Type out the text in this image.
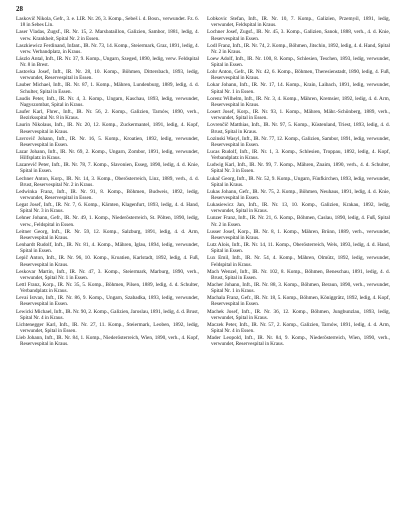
28

Laskovič Nikola, Gefr., 3. e. LIR. Nr. 26, 3. Komp., Sebeš i. d. Bosn., verwundet. Fz. 6. 18 in Sebes Lin.

Laser Vladas, Zugsf., IR. Nr. 15, 2. Marsbataillon, Galizien, Sambor, 1881, ledig, 4. verw. Krankheit, Spital Nr. 2 in Essen.

Laszkiewicz Ferdinand, Infant., IR. Nr. 73, 14. Komp., Steiermark, Graz, 1891, ledig, 4. verw. Verbandplatz, in Kraus.

Lászlo Antal, Inft., IR. Nr. 37, 9. Komp., Ungarn, Szeged, 1890, ledig, verw. Feldspital Nr. 8 in Brest.

Lastovka Josef, Inft., IR. Nr. 28, 10. Komp., Böhmen, Dittersbach, 1893, ledig, verwundet, Reservespital in Essen.

Lauber Michael, Inft., IR. Nr. 87, 1. Komp., Mähren, Lundenburg, 1889, ledig, 4. d. Schulter, Spital in Essen.

Laudis Peter, Inft., IR. Nr. 4, 3. Komp., Ungarn, Kaschau, 1893, ledig, verwundet, Nagyszombat, Spital in Kraus.

Laufer Karl, Fhrer., Inft., IR. Nr. 56, 2. Komp., Galizien, Tarnów, 1890, verh., Bezirksspital Nr. 8 in Kraus.

Laurin Nikolaus, Inft., IR. Nr. 20, 12. Komp., Zuckermantel, 1891, ledig, 4. Kopf, Reservespital in Kraus.

Lavrovič Johann, Inft., IR. Nr. 16, 5. Komp., Kroatien, 1892, ledig, verwundet, Reservespital in Essen.

Lazar Johann, Inft., IR. Nr. 69, 2. Komp., Ungarn, Zombor, 1891, ledig, verwundet, Hilfsplatz in Kraus.

Lazarevič Peter, Inft., IR. Nr. 78, 7. Komp., Slavonien, Esseg, 1890, ledig, 4. d. Knie, Spital in Essen.

Lechner Anton, Korp., IR. Nr. 14, 3. Komp., Oberösterreich, Linz, 1889, verh., 4. d. Brust, Reservespital Nr. 2 in Kraus.

Ledwinka Franz, Inft., IR. Nr. 91, 8. Komp., Böhmen, Budweis, 1892, ledig, verwundet, Reservespital in Essen.

Legat Josef, Inft., IR. Nr. 7, 6. Komp., Kärnten, Klagenfurt, 1893, ledig, 4. d. Hand, Spital Nr. 3 in Kraus.

Lehner Johann, Gefr., IR. Nr. 49, 1. Komp., Niederösterreich, St. Pölten, 1890, ledig, verw., Feldspital in Essen.

Leitner Georg, Inft., IR. Nr. 59, 12. Komp., Salzburg, 1891, ledig, 4. d. Arm, Reservespital in Kraus.

Lenhardt Rudolf, Inft., IR. Nr. 81, 4. Komp., Mähren, Iglau, 1894, ledig, verwundet, Spital in Essen.

Lepič Anton, Inft., IR. Nr. 96, 10. Komp., Kroatien, Karlstadt, 1892, ledig, 4. Fuß, Reservespital in Kraus.

Leskovar Martin, Inft., IR. Nr. 47, 3. Komp., Steiermark, Marburg, 1890, verh., verwundet, Spital Nr. 1 in Essen.

Lettl Franz, Korp., IR. Nr. 35, 5. Komp., Böhmen, Pilsen, 1889, ledig, 4. d. Schulter, Verbandplatz in Kraus.

Levai Istvan, Inft., IR. Nr. 86, 9. Komp., Ungarn, Szabadka, 1893, ledig, verwundet, Reservespital in Essen.

Lewicki Michael, Inft., IR. Nr. 90, 2. Komp., Galizien, Jaroslau, 1891, ledig, 4. d. Brust, Spital Nr. 4 in Kraus.

Lichtenegger Karl, Inft., IR. Nr. 27, 11. Komp., Steiermark, Leoben, 1892, ledig, verwundet, Spital in Essen.

Lieb Johann, Inft., IR. Nr. 84, 1. Komp., Niederösterreich, Wien, 1890, verh., 4. Kopf, Reservespital in Kraus.

Lobkovic Stefan, Inft., IR. Nr. 10, 7. Komp., Galizien, Przemyśl, 1891, ledig, verwundet, Feldspital in Kraus.

Lochner Josef, Zugsf., IR. Nr. 45, 3. Komp., Galizien, Sanok, 1888, verh., 4. d. Knie, Reservespital in Essen.

Lodl Franz, Inft., IR. Nr. 74, 2. Komp., Böhmen, Jitschin, 1892, ledig, 4. d. Hand, Spital Nr. 2 in Kraus.

Loew Adolf, Inft., IR. Nr. 100, 8. Komp., Schlesien, Teschen, 1893, ledig, verwundet, Spital in Essen.

Lohr Anton, Gefr., IR. Nr. 42, 6. Komp., Böhmen, Theresienstadt, 1890, ledig, 4. Fuß, Reservespital in Kraus.

Lokar Johann, Inft., IR. Nr. 17, 14. Komp., Krain, Laibach, 1891, ledig, verwundet, Spital Nr. 1 in Essen.

Lorenz Wilhelm, Inft., IR. Nr. 3, 4. Komp., Mähren, Kremsier, 1892, ledig, 4. d. Arm, Reservespital in Kraus.

Losert Josef, Korp., IR. Nr. 93, 1. Komp., Mähren, Mähr.-Schönberg, 1889, verh., verwundet, Spital in Essen.

Lovrenčič Matthias, Inft., IR. Nr. 97, 5. Komp., Küstenland, Triest, 1893, ledig, 4. d. Brust, Spital in Kraus.

Lozinski Wasyl, Inft., IR. Nr. 77, 12. Komp., Galizien, Sambor, 1891, ledig, verwundet, Reservespital in Essen.

Lucas Rudolf, Inft., IR. Nr. 1, 3. Komp., Schlesien, Troppau, 1892, ledig, 4. Kopf, Verbandplatz in Kraus.

Ludwig Karl, Inft., IR. Nr. 99, 7. Komp., Mähren, Znaim, 1890, verh., 4. d. Schulter, Spital Nr. 3 in Essen.

Lukač Georg, Inft., IR. Nr. 52, 9. Komp., Ungarn, Fünfkirchen, 1893, ledig, verwundet, Spital in Kraus.

Lukas Johann, Gefr., IR. Nr. 75, 2. Komp., Böhmen, Neuhaus, 1891, ledig, 4. d. Knie, Reservespital in Essen.

Lukasiewicz Jan, Inft., IR. Nr. 13, 10. Komp., Galizien, Krakau, 1892, ledig, verwundet, Spital in Kraus.

Lunzer Franz, Inft., IR. Nr. 21, 6. Komp., Böhmen, Caslau, 1890, ledig, 4. Fuß, Spital Nr. 2 in Essen.

Lusser Josef, Korp., IR. Nr. 8, 1. Komp., Mähren, Brünn, 1889, verh., verwundet, Reservespital in Kraus.

Lutz Alois, Inft., IR. Nr. 14, 11. Komp., Oberösterreich, Wels, 1893, ledig, 4. d. Hand, Spital in Essen.

Lux Emil, Inft., IR. Nr. 54, 4. Komp., Mähren, Olmütz, 1892, ledig, verwundet, Feldspital in Kraus.

Mach Wenzel, Inft., IR. Nr. 102, 8. Komp., Böhmen, Beneschau, 1891, ledig, 4. d. Brust, Spital in Essen.

Macher Johann, Inft., IR. Nr. 88, 3. Komp., Böhmen, Beraun, 1890, verh., verwundet, Spital Nr. 1 in Kraus.

Machala Franz, Gefr., IR. Nr. 18, 5. Komp., Böhmen, Königgrätz, 1892, ledig, 4. Kopf, Reservespital in Essen.

Machek Josef, Inft., IR. Nr. 36, 12. Komp., Böhmen, Jungbunzlau, 1893, ledig, verwundet, Spital in Kraus.

Maczek Peter, Inft., IR. Nr. 57, 2. Komp., Galizien, Tarnów, 1891, ledig, 4. d. Arm, Spital Nr. 4 in Essen.

Mader Leopold, Inft., IR. Nr. 84, 9. Komp., Niederösterreich, Wien, 1890, verh., verwundet, Reservespital in Kraus.
